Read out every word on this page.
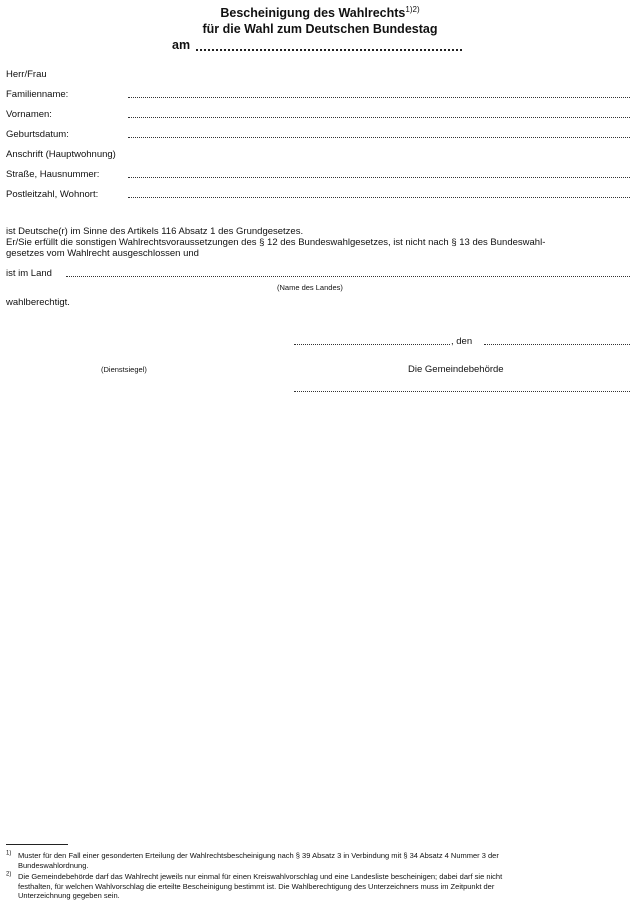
Bescheinigung des Wahlrechts$^{1)2)}$
für die Wahl zum Deutschen Bundestag
am
Herr/Frau
Familienname:
Vornamen:
Geburtsdatum:
Anschrift (Hauptwohnung)
Straße, Hausnummer:
Postleitzahl, Wohnort:
ist Deutsche(r) im Sinne des Artikels 116 Absatz 1 des Grundgesetzes.
Er/Sie erfüllt die sonstigen Wahlrechtsvoraussetzungen des § 12 des Bundeswahlgesetzes, ist nicht nach § 13 des Bundeswahl-
gesetzes vom Wahlrecht ausgeschlossen und
ist im Land
(Name des Landes)
wahlberechtigt.
, den
(Dienstsiegel)	Die Gemeindebehörde
$^{1)}$ Muster für den Fall einer gesonderten Erteilung der Wahlrechtsbescheinigung nach § 39 Absatz 3 in Verbindung mit § 34 Absatz 4 Nummer 3 der
Bundeswahlordnung.
$^{2)}$ Die Gemeindebehörde darf das Wahlrecht jeweils nur einmal für einen Kreiswahlvorschlag und eine Landesliste bescheinigen; dabei darf sie nicht
festhalten, für welchen Wahlvorschlag die erteilte Bescheinigung bestimmt ist. Die Wahlberechtigung des Unterzeichners muss im Zeitpunkt der
Unterzeichnung gegeben sein.
